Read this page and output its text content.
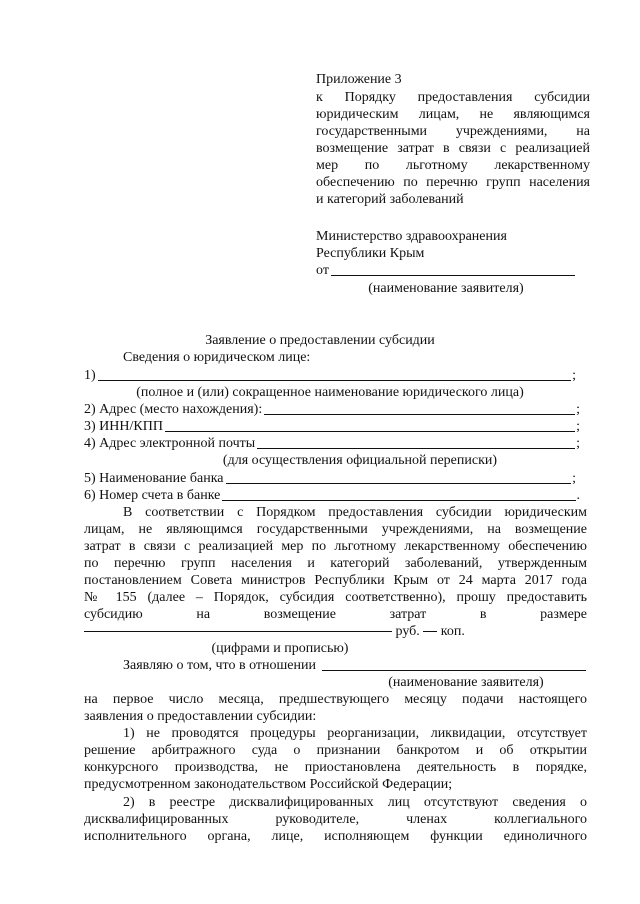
Приложение 3
к Порядку предоставления субсидии
юридическим лицам, не являющимся
государственными учреждениями, на
возмещение затрат в связи с реализацией
мер по льготному лекарственному
обеспечению по перечню групп населения
и категорий заболеваний
Министерство здравоохранения
Республики Крым
от
(наименование заявителя)
Заявление о предоставлении субсидии
Сведения о юридическом лице:
1)	;
(полное и (или) сокращенное наименование юридического лица)
2) Адрес (место нахождения):	;
3) ИНН/КПП	;
4) Адрес электронной почты	;
(для осуществления официальной переписки)
5) Наименование банка	;
6) Номер счета в банке	.
В соответствии с Порядком предоставления субсидии юридическим
лицам, не являющимся государственными учреждениями, на возмещение
затрат в связи с реализацией мер по льготному лекарственному обеспечению
по перечню групп населения и категорий заболеваний, утвержденным
постановлением Совета министров Республики Крым от 24 марта 2017 года
№ 155 (далее – Порядок, субсидия соответственно), прошу предоставить
субсидию на возмещение затрат в размере
руб. коп.
(цифрами и прописью)
Заявляю о том, что в отношении
(наименование заявителя)
на первое число месяца, предшествующего месяцу подачи настоящего
заявления о предоставлении субсидии:
1) не проводятся процедуры реорганизации, ликвидации, отсутствует
решение арбитражного суда о признании банкротом и об открытии
конкурсного производства, не приостановлена деятельность в порядке,
предусмотренном законодательством Российской Федерации;
2) в реестре дисквалифицированных лиц отсутствуют сведения о
дисквалифицированных руководителе, членах коллегиального
исполнительного органа, лице, исполняющем функции единоличного
